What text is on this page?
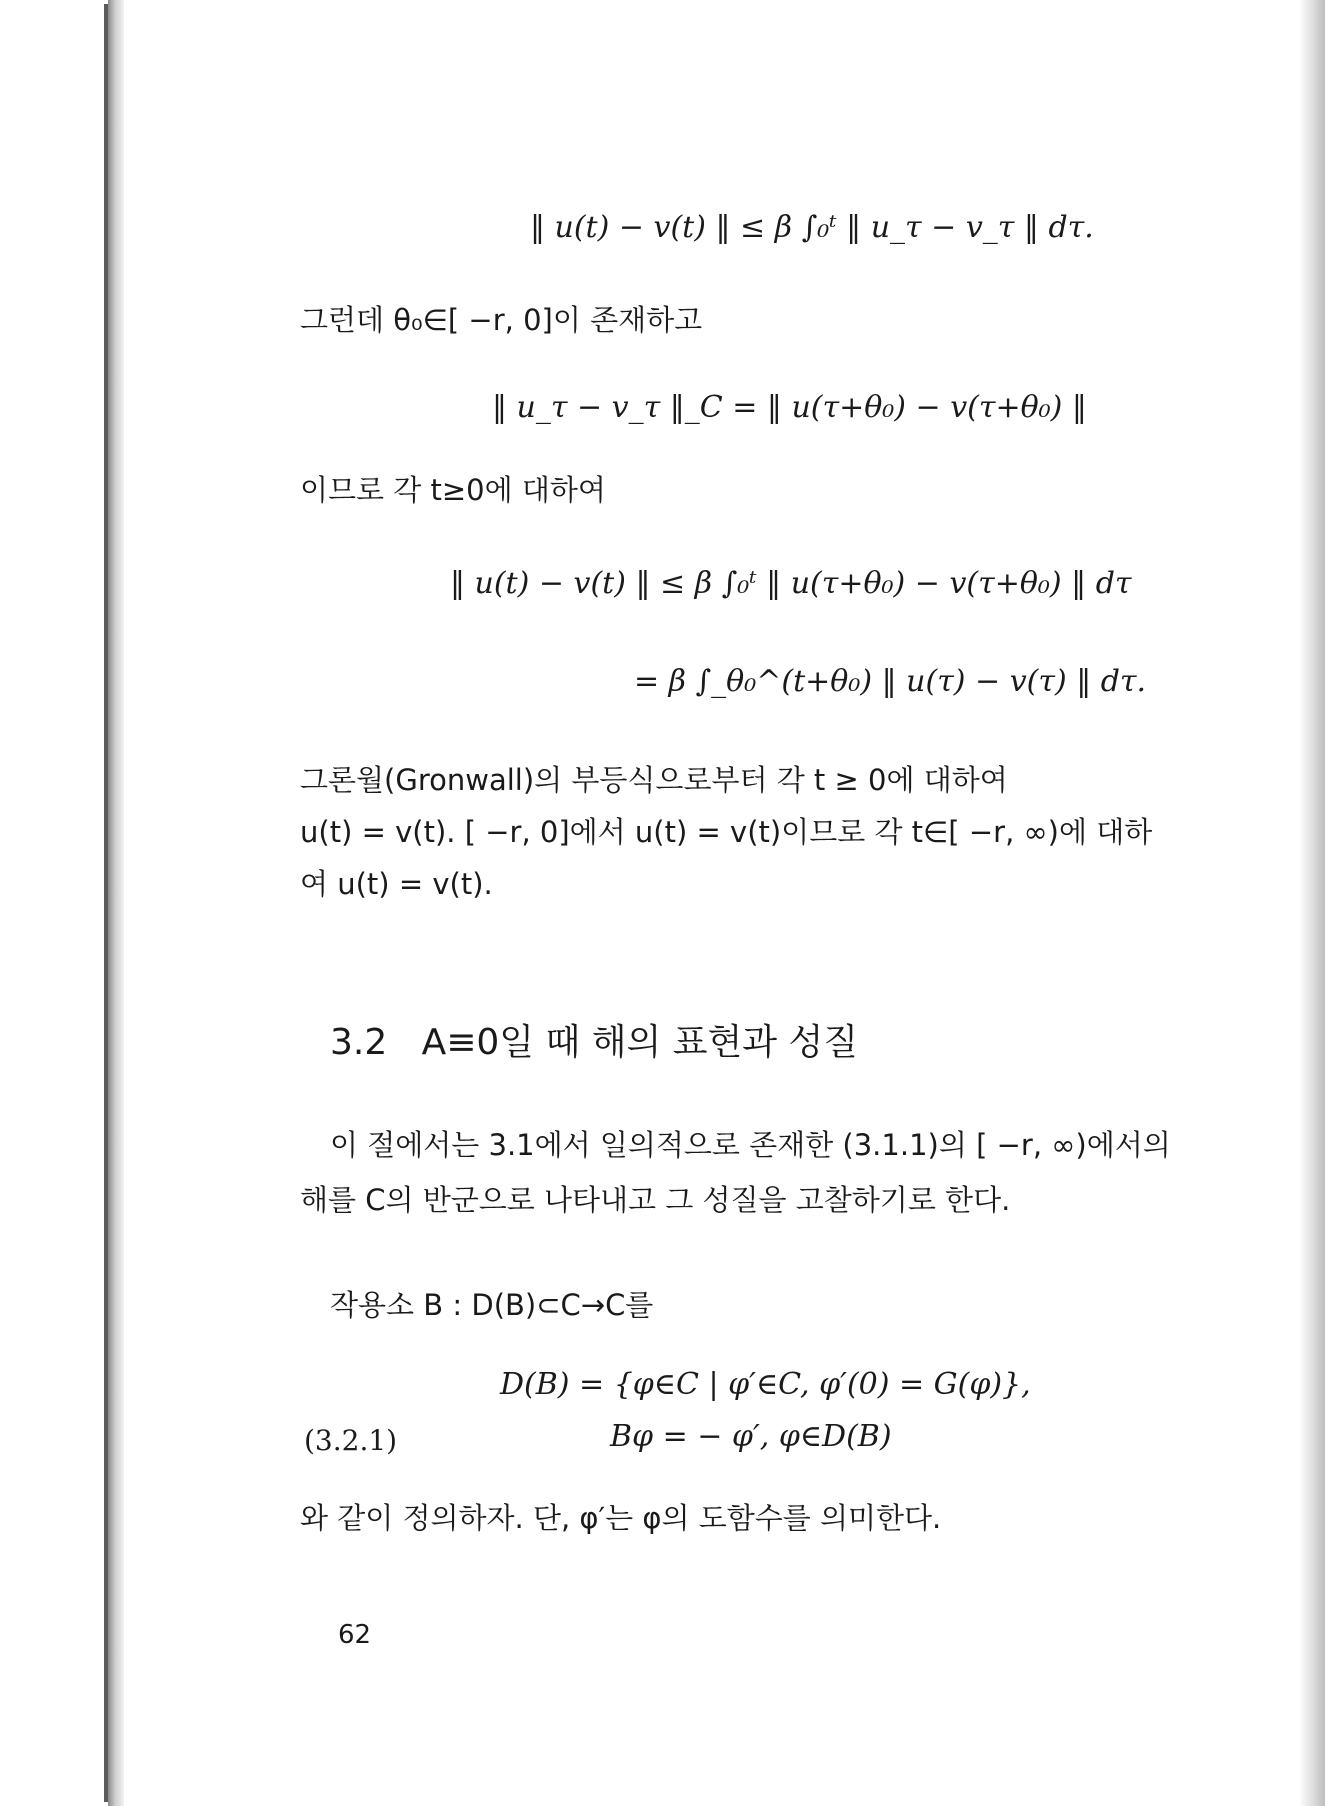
‖ u(t) − v(t) ‖ ≤ β ∫₀ᵗ ‖ u_τ − v_τ ‖ dτ.
그런데 θ₀∈[ −r, 0]이 존재하고
‖ u_τ − v_τ ‖_C = ‖ u(τ+θ₀) − v(τ+θ₀) ‖
이므로 각 t≥0에 대하여
‖ u(t) − v(t) ‖ ≤ β ∫₀ᵗ ‖ u(τ+θ₀) − v(τ+θ₀) ‖ dτ
= β ∫_θ₀^(t+θ₀) ‖ u(τ) − v(τ) ‖ dτ.
그론월(Gronwall)의 부등식으로부터 각 t ≥ 0에 대하여
u(t) = v(t). [ −r, 0]에서 u(t) = v(t)이므로 각 t∈[ −r, ∞)에 대하
여 u(t) = v(t).
3.2 A≡0일 때 해의 표현과 성질
이 절에서는 3.1에서 일의적으로 존재한 (3.1.1)의 [ −r, ∞)에서의
해를 C의 반군으로 나타내고 그 성질을 고찰하기로 한다.
작용소 B : D(B)⊂C→C를
D(B) = {φ∈C | φ′∈C, φ′(0) = G(φ)},
(3.2.1)	Bφ = − φ′, φ∈D(B)
와 같이 정의하자. 단, φ′는 φ의 도함수를 의미한다.
62
